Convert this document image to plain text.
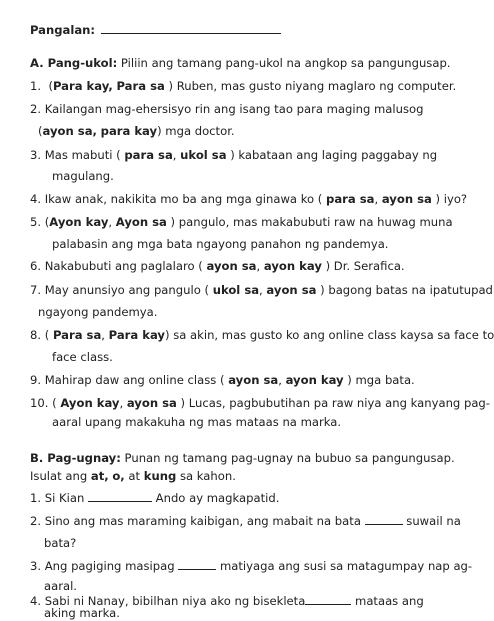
Pangalan:
A. Pang-ukol: Piliin ang tamang pang-ukol na angkop sa pangungusap.
1. (Para kay, Para sa ) Ruben, mas gusto niyang maglaro ng computer.
2. Kailangan mag-ehersisyo rin ang isang tao para maging malusog
(ayon sa, para kay) mga doctor.
3. Mas mabuti ( para sa, ukol sa ) kabataan ang laging paggabay ng
magulang.
4. Ikaw anak, nakikita mo ba ang mga ginawa ko ( para sa, ayon sa ) iyo?
5. (Ayon kay, Ayon sa ) pangulo, mas makabubuti raw na huwag muna
palabasin ang mga bata ngayong panahon ng pandemya.
6. Nakabubuti ang paglalaro ( ayon sa, ayon kay ) Dr. Serafica.
7. May anunsiyo ang pangulo ( ukol sa, ayon sa ) bagong batas na ipatutupad
ngayong pandemya.
8. ( Para sa, Para kay) sa akin, mas gusto ko ang online class kaysa sa face to
face class.
9. Mahirap daw ang online class ( ayon sa, ayon kay ) mga bata.
10. ( Ayon kay, ayon sa ) Lucas, pagbubutihan pa raw niya ang kanyang pag-
aaral upang makakuha ng mas mataas na marka.
B. Pag-ugnay: Punan ng tamang pag-ugnay na bubuo sa pangungusap.
Isulat ang at, o, at kung sa kahon.
1. Si Kian	Ando ay magkapatid.
2. Sino ang mas maraming kaibigan, ang mabait na bata	suwail na
bata?
3. Ang pagiging masipag	matiyaga ang susi sa matagumpay nap ag-
aaral.
4. Sabi ni Nanay, bibilhan niya ako ng bisekleta	mataas ang
aking marka.
